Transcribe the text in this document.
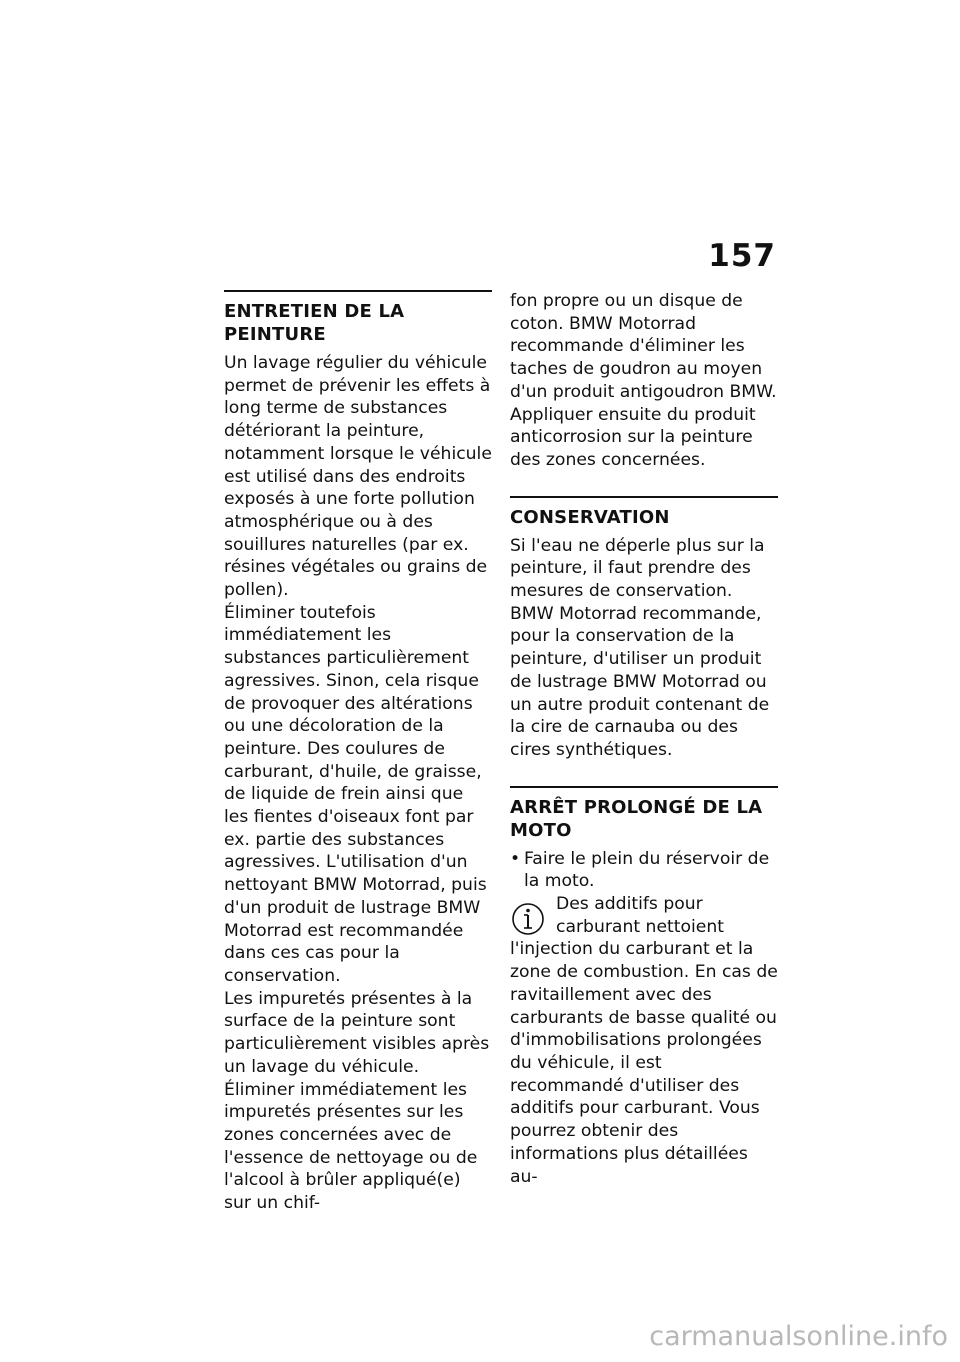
157
ENTRETIEN DE LA PEINTURE

Un lavage régulier du véhicule permet de prévenir les effets à long terme de substances détériorant la peinture, notamment lorsque le véhicule est utilisé dans des endroits exposés à une forte pollution atmosphérique ou à des souillures naturelles (par ex. résines végétales ou grains de pollen).

Éliminer toutefois immédiatement les substances particulièrement agressives. Sinon, cela risque de provoquer des altérations ou une décoloration de la peinture. Des coulures de carburant, d'huile, de graisse, de liquide de frein ainsi que les fientes d'oiseaux font par ex. partie des substances agressives. L'utilisation d'un nettoyant BMW Motorrad, puis d'un produit de lustrage BMW Motorrad est recommandée dans ces cas pour la conservation.

Les impuretés présentes à la surface de la peinture sont particulièrement visibles après un lavage du véhicule. Éliminer immédiatement les impuretés présentes sur les zones concernées avec de l'essence de nettoyage ou de l'alcool à brûler appliqué(e) sur un chif-

fon propre ou un disque de coton. BMW Motorrad recommande d'éliminer les taches de goudron au moyen d'un produit antigoudron BMW. Appliquer ensuite du produit anticorrosion sur la peinture des zones concernées.

CONSERVATION

Si l'eau ne déperle plus sur la peinture, il faut prendre des mesures de conservation.

BMW Motorrad recommande, pour la conservation de la peinture, d'utiliser un produit de lustrage BMW Motorrad ou un autre produit contenant de la cire de carnauba ou des cires synthétiques.

ARRÊT PROLONGÉ DE LA MOTO
• Faire le plein du réservoir de la moto.
Des additifs pour carburant nettoient l'injection du carburant et la zone de combustion. En cas de ravitaillement avec des carburants de basse qualité ou d'immobilisations prolongées du véhicule, il est recommandé d'utiliser des additifs pour carburant. Vous pourrez obtenir des informations plus détaillées au-
carmanualsonline.info
